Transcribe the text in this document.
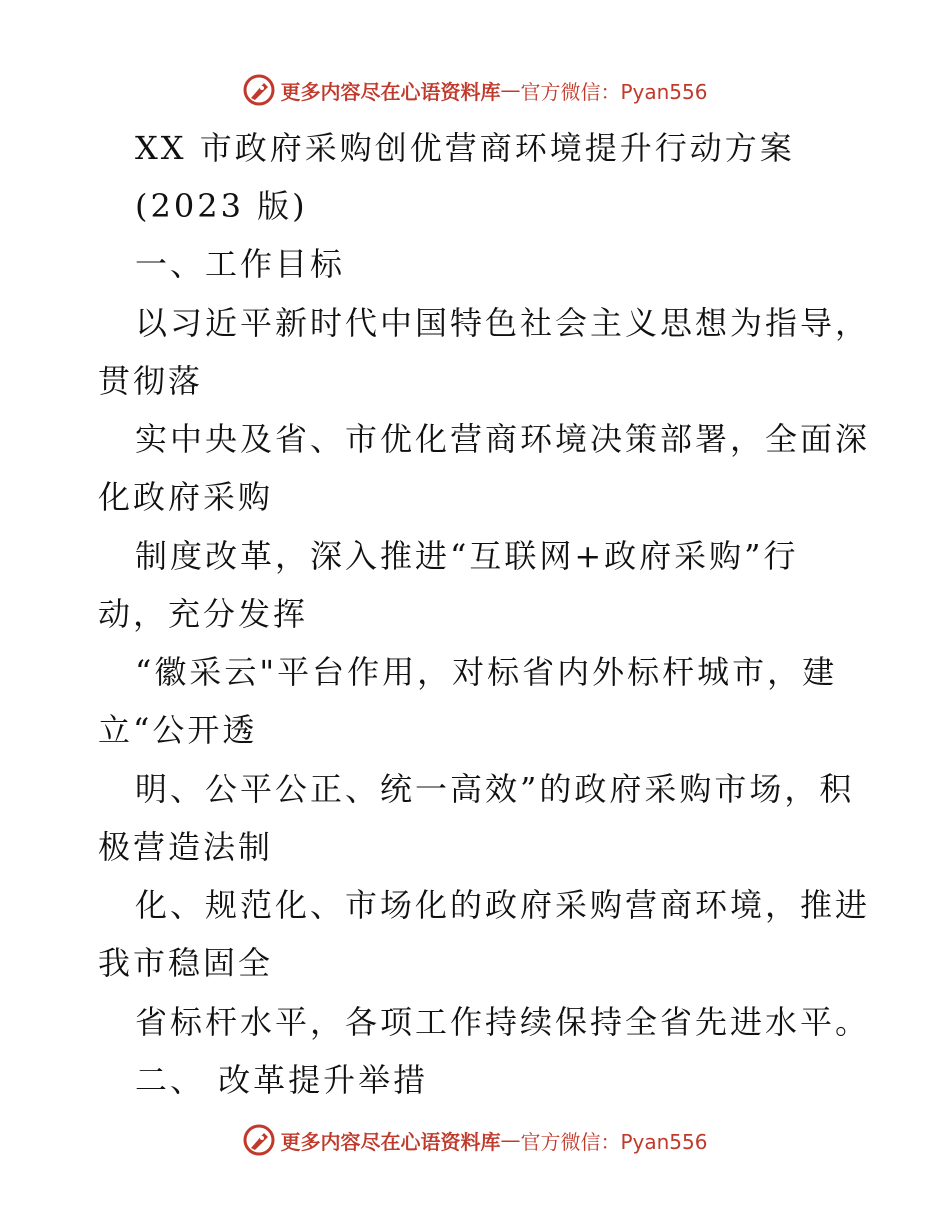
更多内容尽在心语资料库 — 官方微信：Pyan556
XX 市政府采购创优营商环境提升行动方案
(2023 版)
一、工作目标
以习近平新时代中国特色社会主义思想为指导，
贯彻落
实中央及省、市优化营商环境决策部署，全面深
化政府采购
制度改革，深入推进“互联网+政府采购”行
动，充分发挥
“徽采云"平台作用，对标省内外标杆城市，建
立“公开透
明、公平公正、统一高效”的政府采购市场，积
极营造法制
化、规范化、市场化的政府采购营商环境，推进
我市稳固全
省标杆水平，各项工作持续保持全省先进水平。
二、 改革提升举措
更多内容尽在心语资料库 — 官方微信：Pyan556
